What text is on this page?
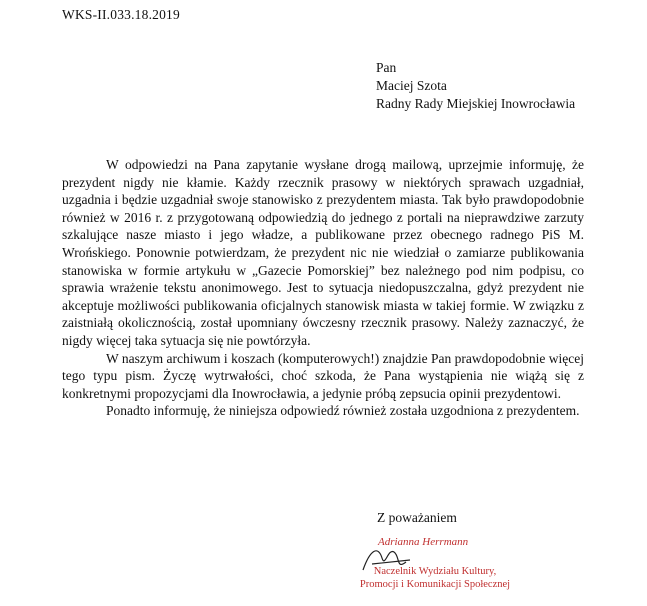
WKS-II.033.18.2019
Pan
Maciej Szota
Radny Rady Miejskiej Inowrocławia

W odpowiedzi na Pana zapytanie wysłane drogą mailową, uprzejmie informuję, że prezydent nigdy nie kłamie. Każdy rzecznik prasowy w niektórych sprawach uzgadniał, uzgadnia i będzie uzgadniał swoje stanowisko z prezydentem miasta. Tak było prawdopodobnie również w 2016 r. z przygotowaną odpowiedzią do jednego z portali na nieprawdziwe zarzuty szkalujące nasze miasto i jego władze, a publikowane przez obecnego radnego PiS M. Wrońskiego. Ponownie potwierdzam, że prezydent nic nie wiedział o zamiarze publikowania stanowiska w formie artykułu w „Gazecie Pomorskiej” bez należnego pod nim podpisu, co sprawia wrażenie tekstu anonimowego. Jest to sytuacja niedopuszczalna, gdyż prezydent nie akceptuje możliwości publikowania oficjalnych stanowisk miasta w takiej formie. W związku z zaistniałą okolicznością, został upomniany ówczesny rzecznik prasowy. Należy zaznaczyć, że nigdy więcej taka sytuacja się nie powtórzyła.

W naszym archiwum i koszach (komputerowych!) znajdzie Pan prawdopodobnie więcej tego typu pism. Życzę wytrwałości, choć szkoda, że Pana wystąpienia nie wiążą się z konkretnymi propozycjami dla Inowrocławia, a jedynie próbą zepsucia opinii prezydentowi.

Ponadto informuję, że niniejsza odpowiedź również została uzgodniona z prezydentem.

Z poważaniem
Adrianna Herrmann
Naczelnik Wydziału Kultury,
Promocji i Komunikacji Społecznej
